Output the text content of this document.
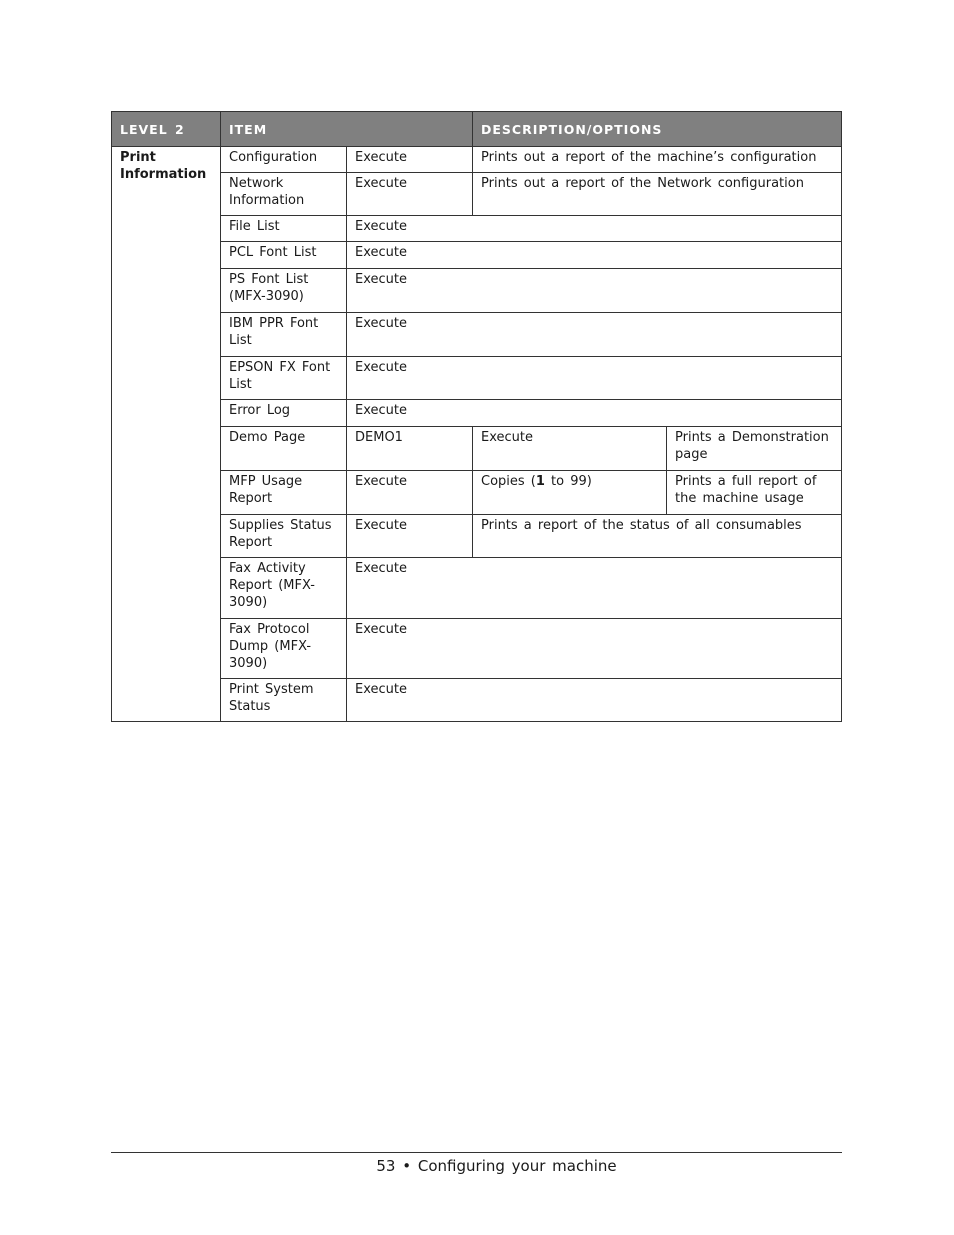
LEVEL 2	ITEM		DESCRIPTION/OPTIONS	
Print Information	Configuration	Execute	Prints out a report of the machine’s configuration	
	Network Information	Execute	Prints out a report of the Network configuration	
	File List	Execute		
	PCL Font List	Execute		
	PS Font List (MFX-3090)	Execute		
	IBM PPR Font List	Execute		
	EPSON FX Font List	Execute		
	Error Log	Execute		
	Demo Page	DEMO1	Execute	Prints a Demonstration page
	MFP Usage Report	Execute	Copies (1 to 99)	Prints a full report of the machine usage
	Supplies Status Report	Execute	Prints a report of the status of all consumables	
	Fax Activity Report (MFX-3090)	Execute		
	Fax Protocol Dump (MFX-3090)	Execute		
	Print System Status	Execute		
53 • Configuring your machine
